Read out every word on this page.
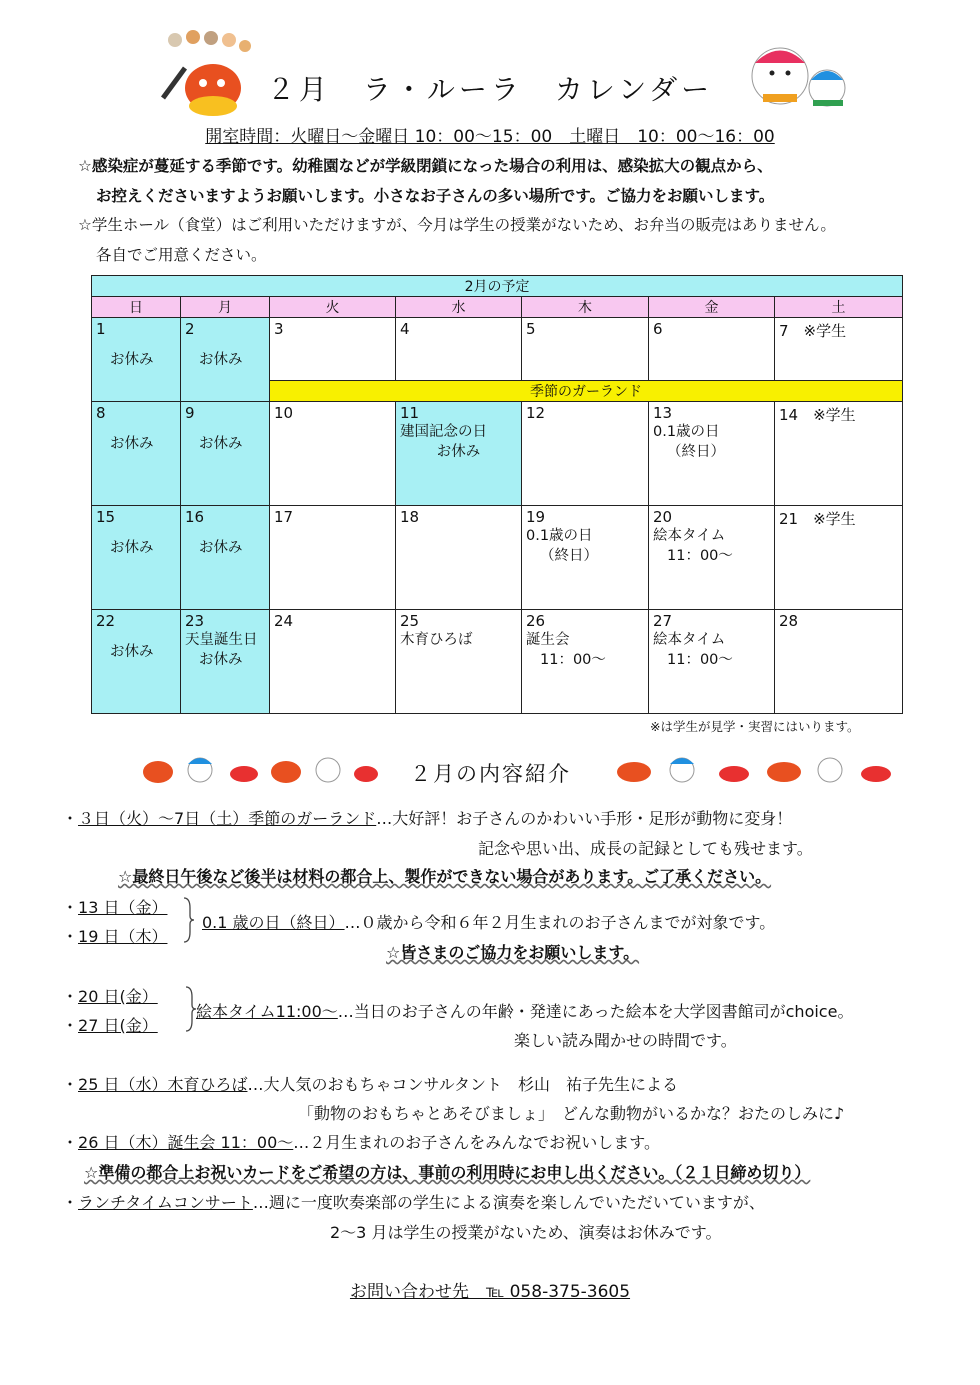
２月　ラ・ルーラ　カレンダー
開室時間：火曜日～金曜日 10：00～15：00　土曜日　10：00～16：00
☆感染症が蔓延する季節です。幼稚園などが学級閉鎖になった場合の利用は、感染拡大の観点から、
お控えくださいますようお願いします。小さなお子さんの多い場所です。ご協力をお願いします。
☆学生ホール（食堂）はご利用いただけますが、今月は学生の授業がないため、お弁当の販売はありません。
各自でご用意ください。
2月の予定						
日	月	火	水	木	金	土

1
お休み	2
お休み	3	4	5	6	7　※学生

		季節のガーランド				

8
お休み	9
お休み	10	11
建国記念の日
お休み	12	13
0.1歳の日
（終日）	14　※学生

15
お休み	16
お休み	17	18	19
0.1歳の日
（終日）	20
絵本タイム
11：00～	21　※学生

22
お休み	23
天皇誕生日
お休み	24	25
木育ひろば	26
誕生会
11：00～	27
絵本タイム
11：00～	28
※は学生が見学・実習にはいります。
２月の内容紹介
・３日（火）～7日（土）季節のガーランド…大好評！お子さんのかわいい手形・足形が動物に変身！
記念や思い出、成長の記録としても残せます。
☆最終日午後など後半は材料の都合上、製作ができない場合があります。ご了承ください。
・13 日（金）
・19 日（木）
0.1 歳の日（終日）…０歳から令和６年２月生まれのお子さんまでが対象です。
☆皆さまのご協力をお願いします。
・20 日(金）
・27 日(金）
絵本タイム11:00～…当日のお子さんの年齢・発達にあった絵本を大学図書館司がchoice。
楽しい読み聞かせの時間です。
・25 日（水）木育ひろば…大人気のおもちゃコンサルタント　杉山　祐子先生による
「動物のおもちゃとあそびましょ」　どんな動物がいるかな？おたのしみに♪
・26 日（木）誕生会 11：00～…２月生まれのお子さんをみんなでお祝いします。
☆準備の都合上お祝いカードをご希望の方は、事前の利用時にお申し出ください。（２１日締め切り）
・ランチタイムコンサート…週に一度吹奏楽部の学生による演奏を楽しんでいただいていますが、
2～3 月は学生の授業がないため、演奏はお休みです。
お問い合わせ先　℡ 058-375-3605
